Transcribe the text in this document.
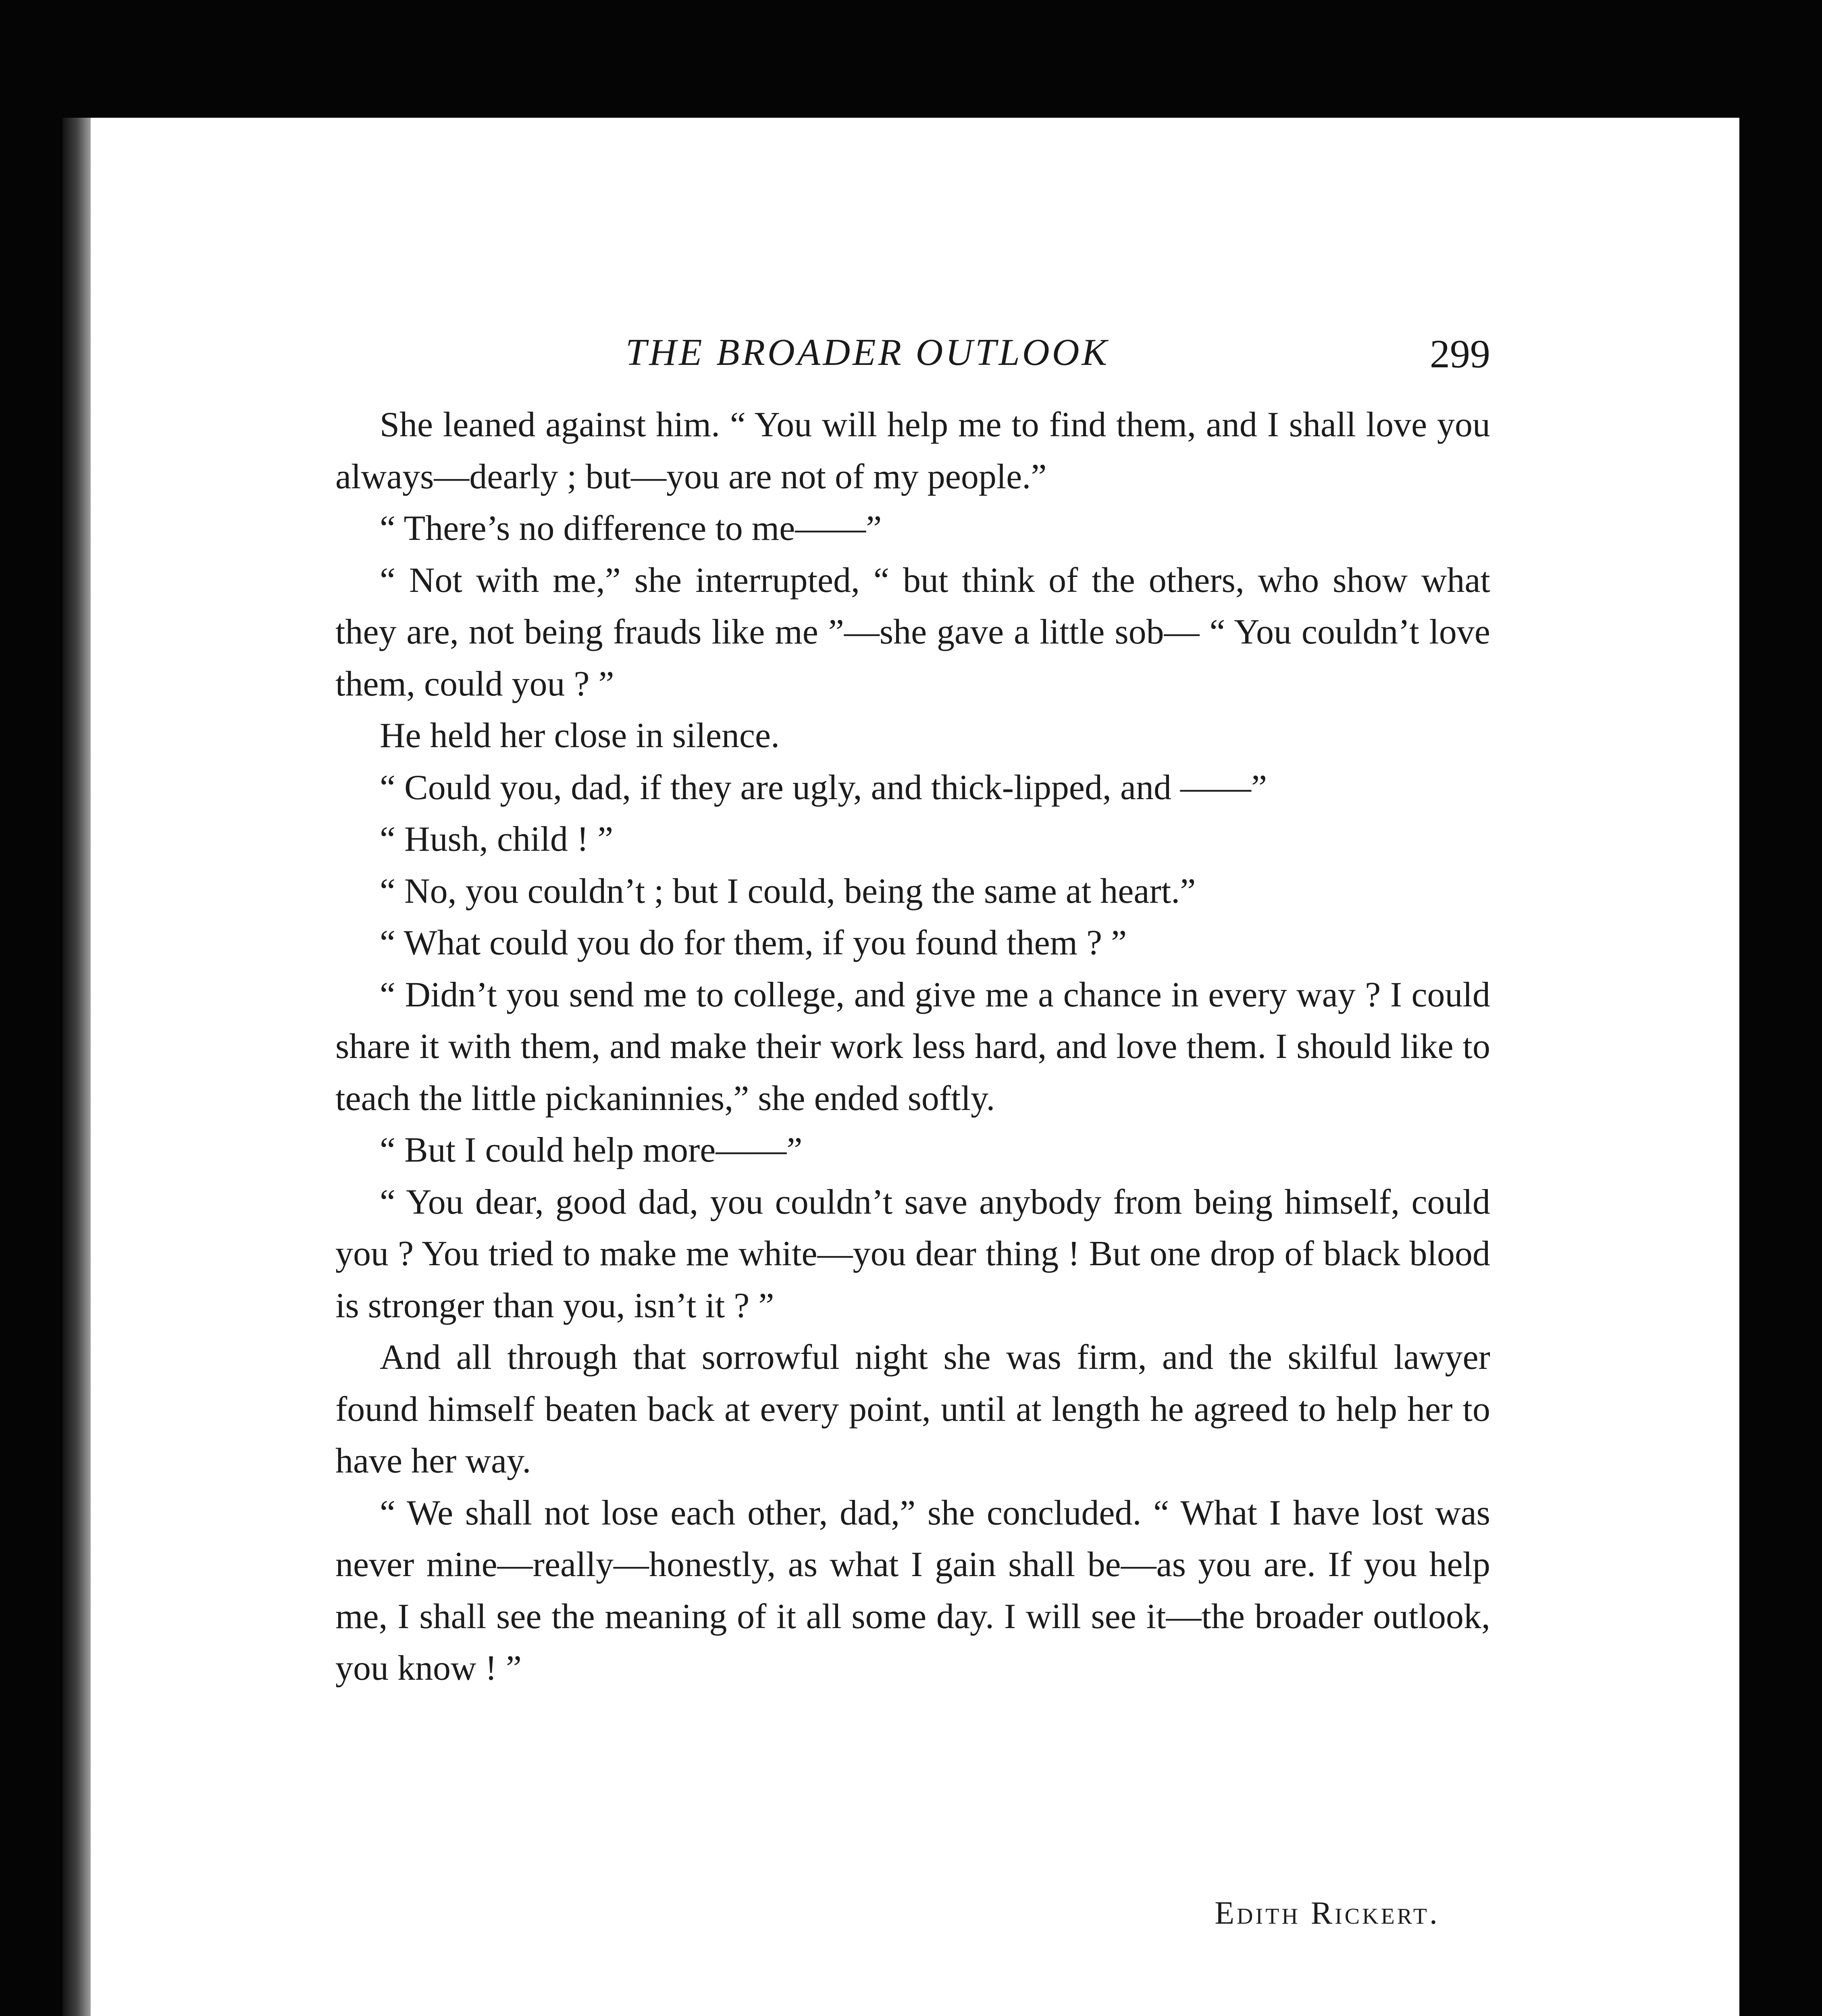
THE BROADER OUTLOOK	299

She leaned against him. “ You will help me to find them, and I shall love you always—dearly ; but—you are not of my people.”

“ There’s no difference to me——”

“ Not with me,” she interrupted, “ but think of the others, who show what they are, not being frauds like me ”—she gave a little sob— “ You couldn’t love them, could you ? ”

He held her close in silence.

“ Could you, dad, if they are ugly, and thick-lipped, and ——”

“ Hush, child ! ”

“ No, you couldn’t ; but I could, being the same at heart.”

“ What could you do for them, if you found them ? ”

“ Didn’t you send me to college, and give me a chance in every way ? I could share it with them, and make their work less hard, and love them. I should like to teach the little pickaninnies,” she ended softly.

“ But I could help more——”

“ You dear, good dad, you couldn’t save anybody from being himself, could you ? You tried to make me white—you dear thing ! But one drop of black blood is stronger than you, isn’t it ? ”

And all through that sorrowful night she was firm, and the skilful lawyer found himself beaten back at every point, until at length he agreed to help her to have her way.

“ We shall not lose each other, dad,” she concluded. “ What I have lost was never mine—really—honestly, as what I gain shall be—as you are. If you help me, I shall see the meaning of it all some day. I will see it—the broader outlook, you know ! ”

Edith Rickert.
